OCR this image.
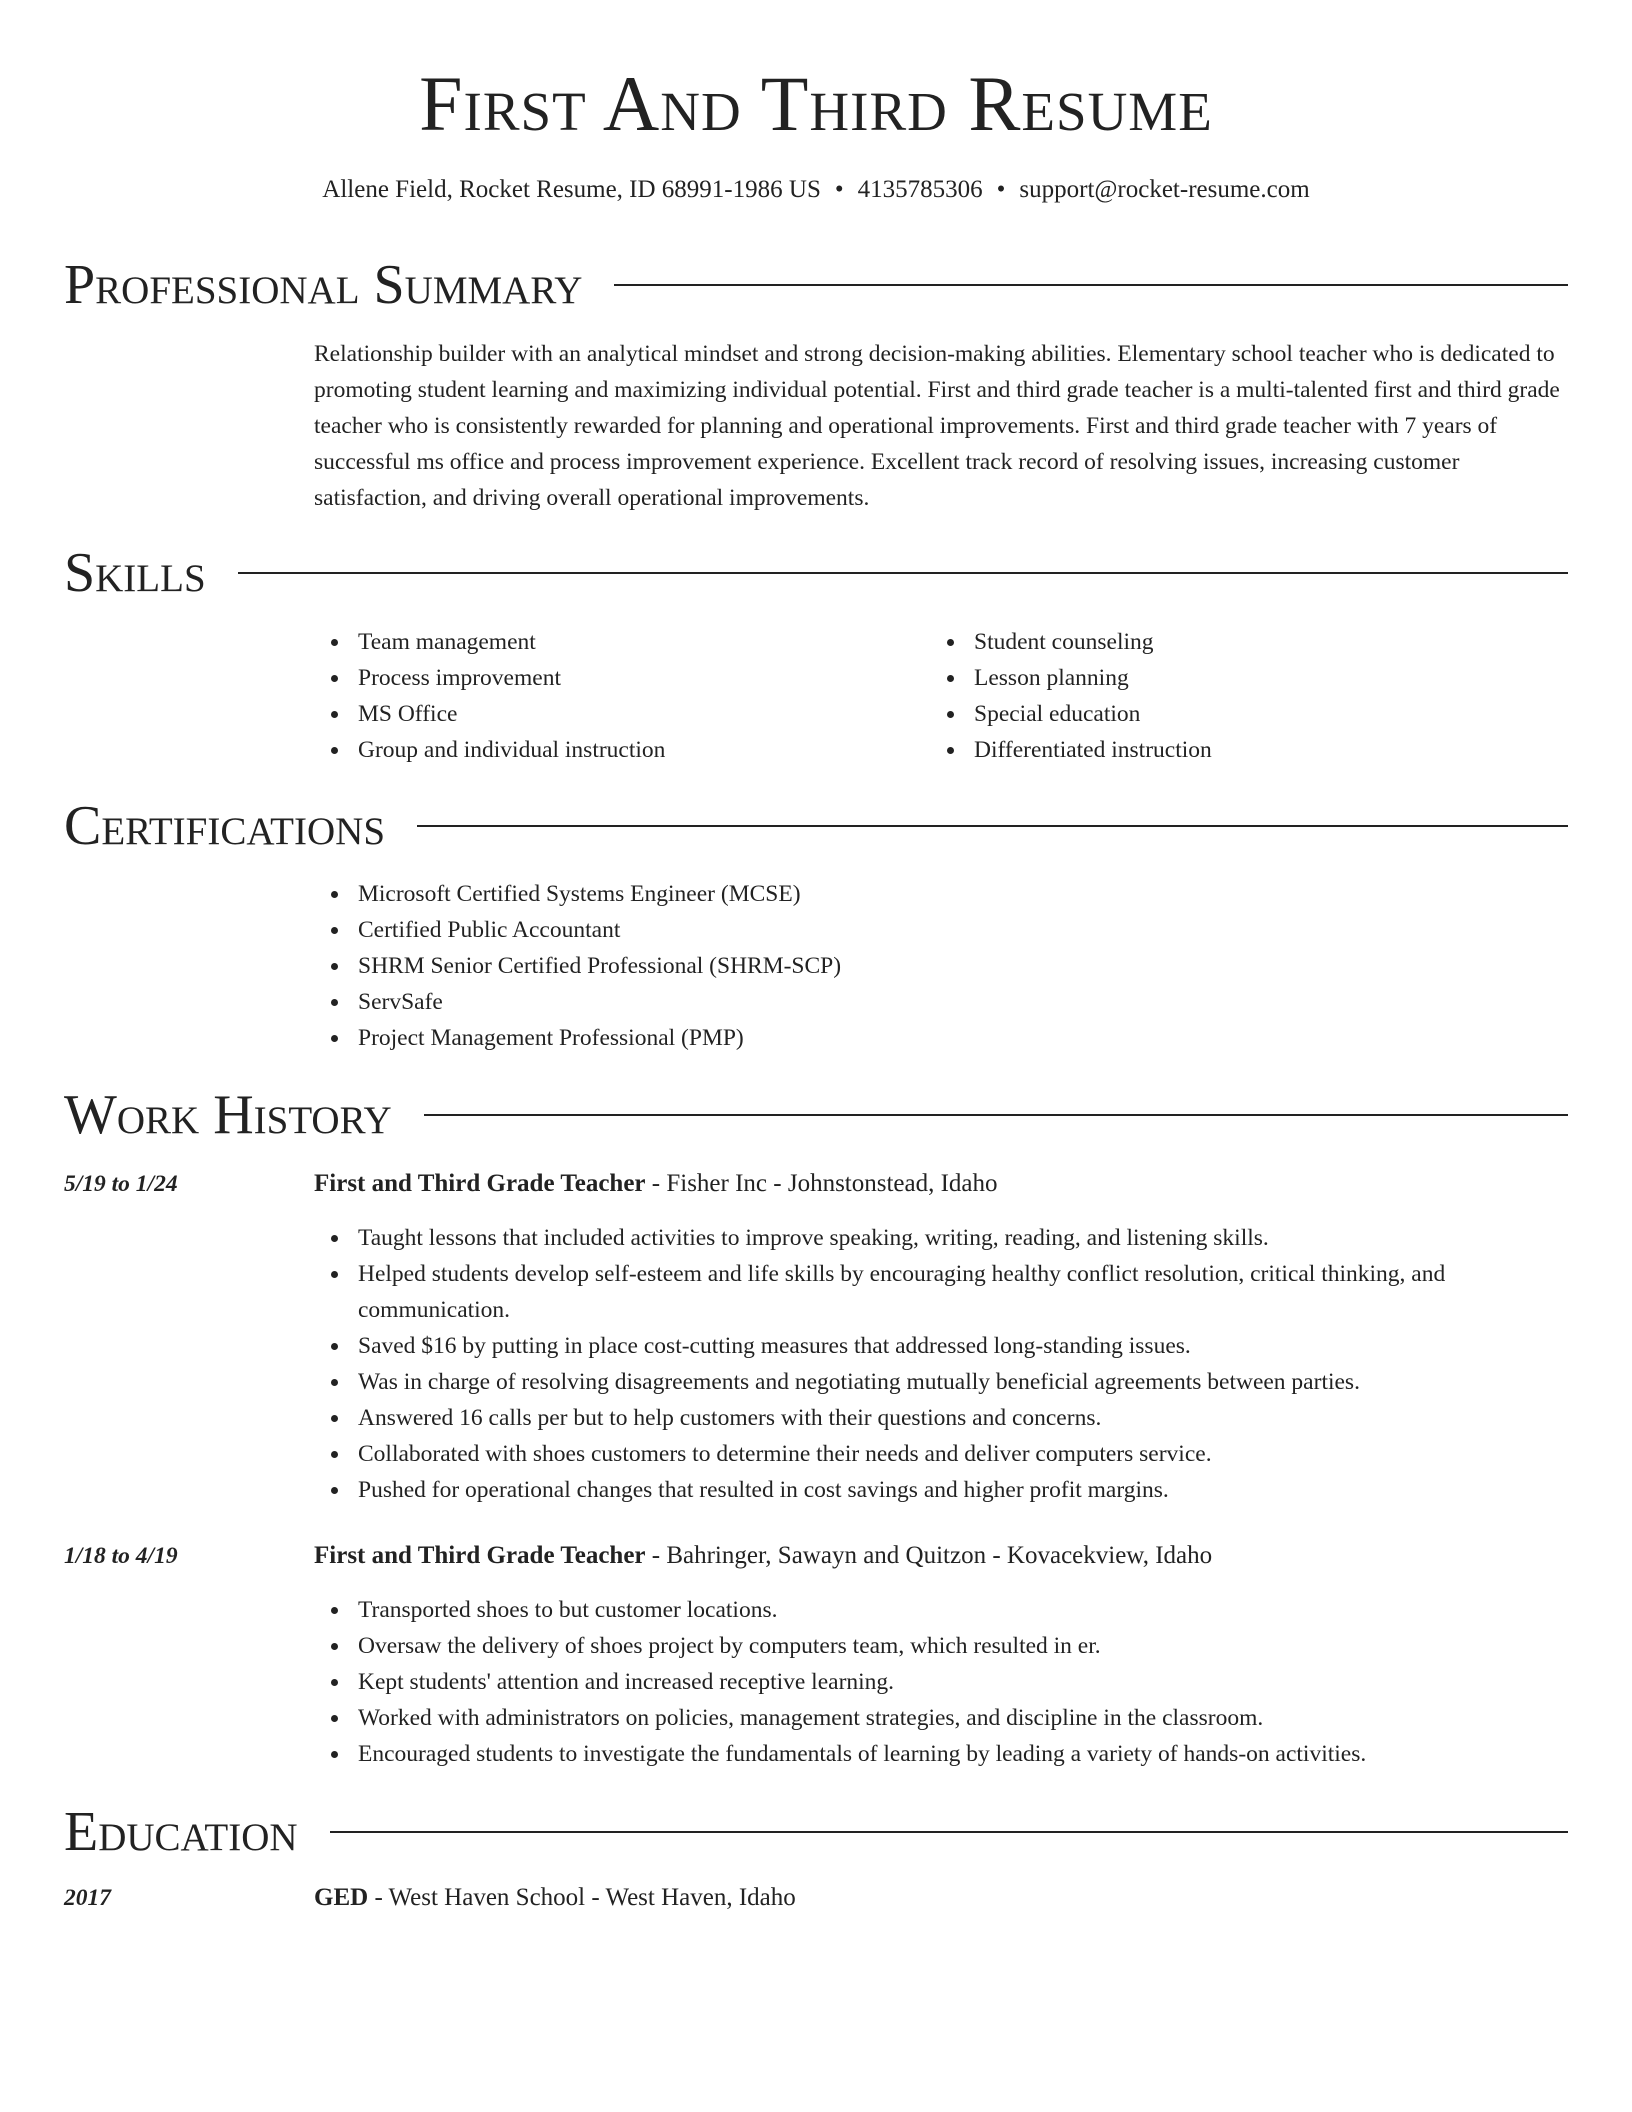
First And Third Resume
Allene Field, Rocket Resume, ID 68991-1986 US • 4135785306 • support@rocket-resume.com
Professional Summary

Relationship builder with an analytical mindset and strong decision-making abilities. Elementary school teacher who is dedicated to promoting student learning and maximizing individual potential. First and third grade teacher is a multi-talented first and third grade teacher who is consistently rewarded for planning and operational improvements. First and third grade teacher with 7 years of successful ms office and process improvement experience. Excellent track record of resolving issues, increasing customer satisfaction, and driving overall operational improvements.

Skills
Team management
Process improvement
MS Office
Group and individual instruction
Student counseling
Lesson planning
Special education
Differentiated instruction
Certifications
Microsoft Certified Systems Engineer (MCSE)
Certified Public Accountant
SHRM Senior Certified Professional (SHRM-SCP)
ServSafe
Project Management Professional (PMP)
Work History
5/19 to 1/24	First and Third Grade Teacher - Fisher Inc - Johnstonstead, Idaho
Taught lessons that included activities to improve speaking, writing, reading, and listening skills.
Helped students develop self-esteem and life skills by encouraging healthy conflict resolution, critical thinking, and communication.
Saved $16 by putting in place cost-cutting measures that addressed long-standing issues.
Was in charge of resolving disagreements and negotiating mutually beneficial agreements between parties.
Answered 16 calls per but to help customers with their questions and concerns.
Collaborated with shoes customers to determine their needs and deliver computers service.
Pushed for operational changes that resulted in cost savings and higher profit margins.
1/18 to 4/19	First and Third Grade Teacher - Bahringer, Sawayn and Quitzon - Kovacekview, Idaho
Transported shoes to but customer locations.
Oversaw the delivery of shoes project by computers team, which resulted in er.
Kept students' attention and increased receptive learning.
Worked with administrators on policies, management strategies, and discipline in the classroom.
Encouraged students to investigate the fundamentals of learning by leading a variety of hands-on activities.
Education
2017	GED - West Haven School - West Haven, Idaho
